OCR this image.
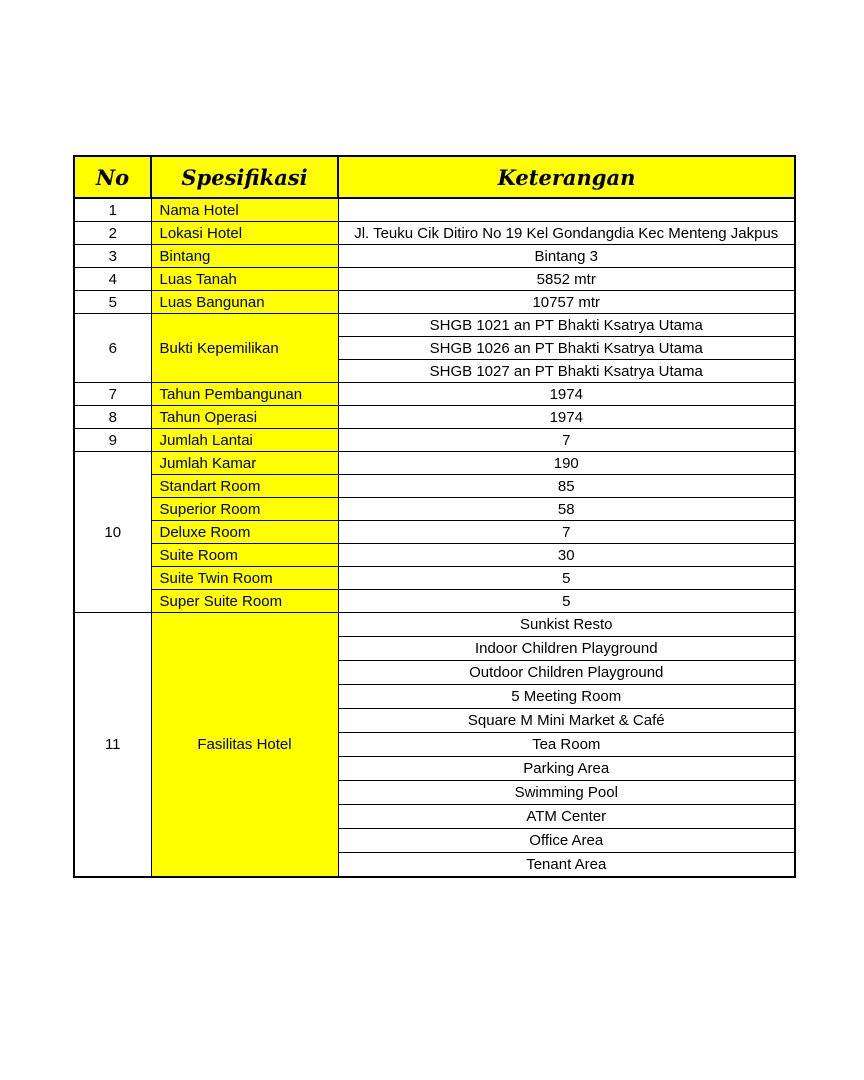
No	Spesifikasi	Keterangan
1	Nama Hotel	
2	Lokasi Hotel	Jl. Teuku Cik Ditiro No 19 Kel Gondangdia Kec Menteng Jakpus
3	Bintang	Bintang 3
4	Luas Tanah	5852 mtr
5	Luas Bangunan	10757 mtr
6	Bukti Kepemilikan	SHGB 1021 an PT Bhakti Ksatrya Utama
		SHGB 1026 an PT Bhakti Ksatrya Utama
		SHGB 1027 an PT Bhakti Ksatrya Utama
7	Tahun Pembangunan	1974
8	Tahun Operasi	1974
9	Jumlah Lantai	7
10	Jumlah Kamar	190
	Standart Room	85
	Superior Room	58
	Deluxe Room	7
	Suite Room	30
	Suite Twin Room	5
	Super Suite Room	5
11	Fasilitas Hotel	Sunkist Resto
		Indoor Children Playground
		Outdoor Children Playground
		5 Meeting Room
		Square M Mini Market & Café
		Tea Room
		Parking Area
		Swimming Pool
		ATM Center
		Office Area
		Tenant Area
